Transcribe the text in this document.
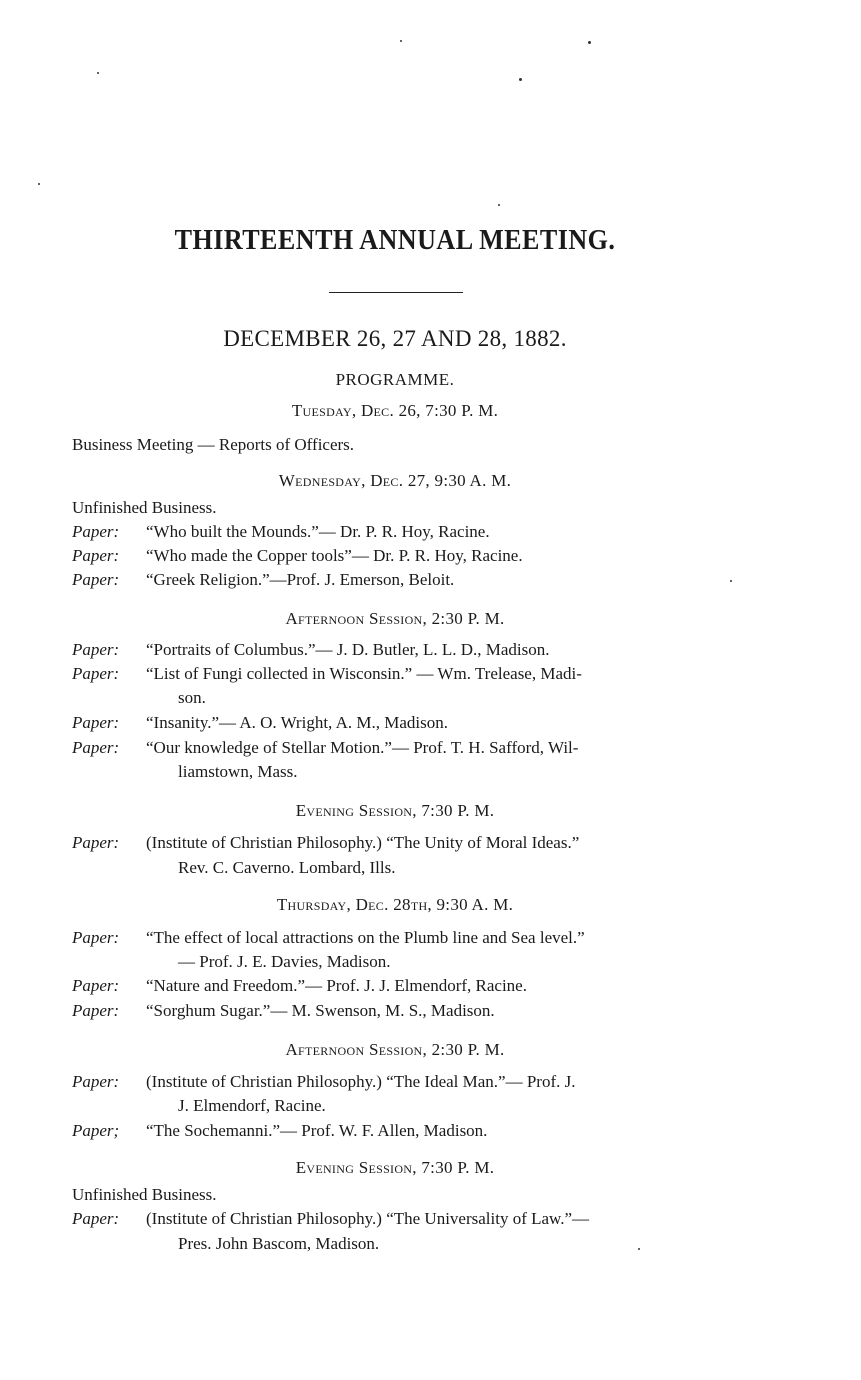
THIRTEENTH ANNUAL MEETING.
DECEMBER 26, 27 AND 28, 1882.
PROGRAMME.
Tuesday, Dec. 26, 7:30 P. M.
Business Meeting — Reports of Officers.
Wednesday, Dec. 27, 9:30 A. M.
Unfinished Business.
Paper: “Who built the Mounds.”— Dr. P. R. Hoy, Racine.
Paper: “Who made the Copper tools”— Dr. P. R. Hoy, Racine.
Paper: “Greek Religion.”—Prof. J. Emerson, Beloit.
Afternoon Session, 2:30 P. M.
Paper: “Portraits of Columbus.”— J. D. Butler, L. L. D., Madison.
Paper: “List of Fungi collected in Wisconsin.” — Wm. Trelease, Madi-
son.
Paper: “Insanity.”— A. O. Wright, A. M., Madison.
Paper: “Our knowledge of Stellar Motion.”— Prof. T. H. Safford, Wil-
liamstown, Mass.
Evening Session, 7:30 P. M.
Paper: (Institute of Christian Philosophy.) “The Unity of Moral Ideas.”
Rev. C. Caverno. Lombard, Ills.
Thursday, Dec. 28th, 9:30 A. M.
Paper: “The effect of local attractions on the Plumb line and Sea level.”
— Prof. J. E. Davies, Madison.
Paper: “Nature and Freedom.”— Prof. J. J. Elmendorf, Racine.
Paper: “Sorghum Sugar.”— M. Swenson, M. S., Madison.
Afternoon Session, 2:30 P. M.
Paper: (Institute of Christian Philosophy.) “The Ideal Man.”— Prof. J.
J. Elmendorf, Racine.
Paper; “The Sochemanni.”— Prof. W. F. Allen, Madison.
Evening Session, 7:30 P. M.
Unfinished Business.
Paper: (Institute of Christian Philosophy.) “The Universality of Law.”—
Pres. John Bascom, Madison.
